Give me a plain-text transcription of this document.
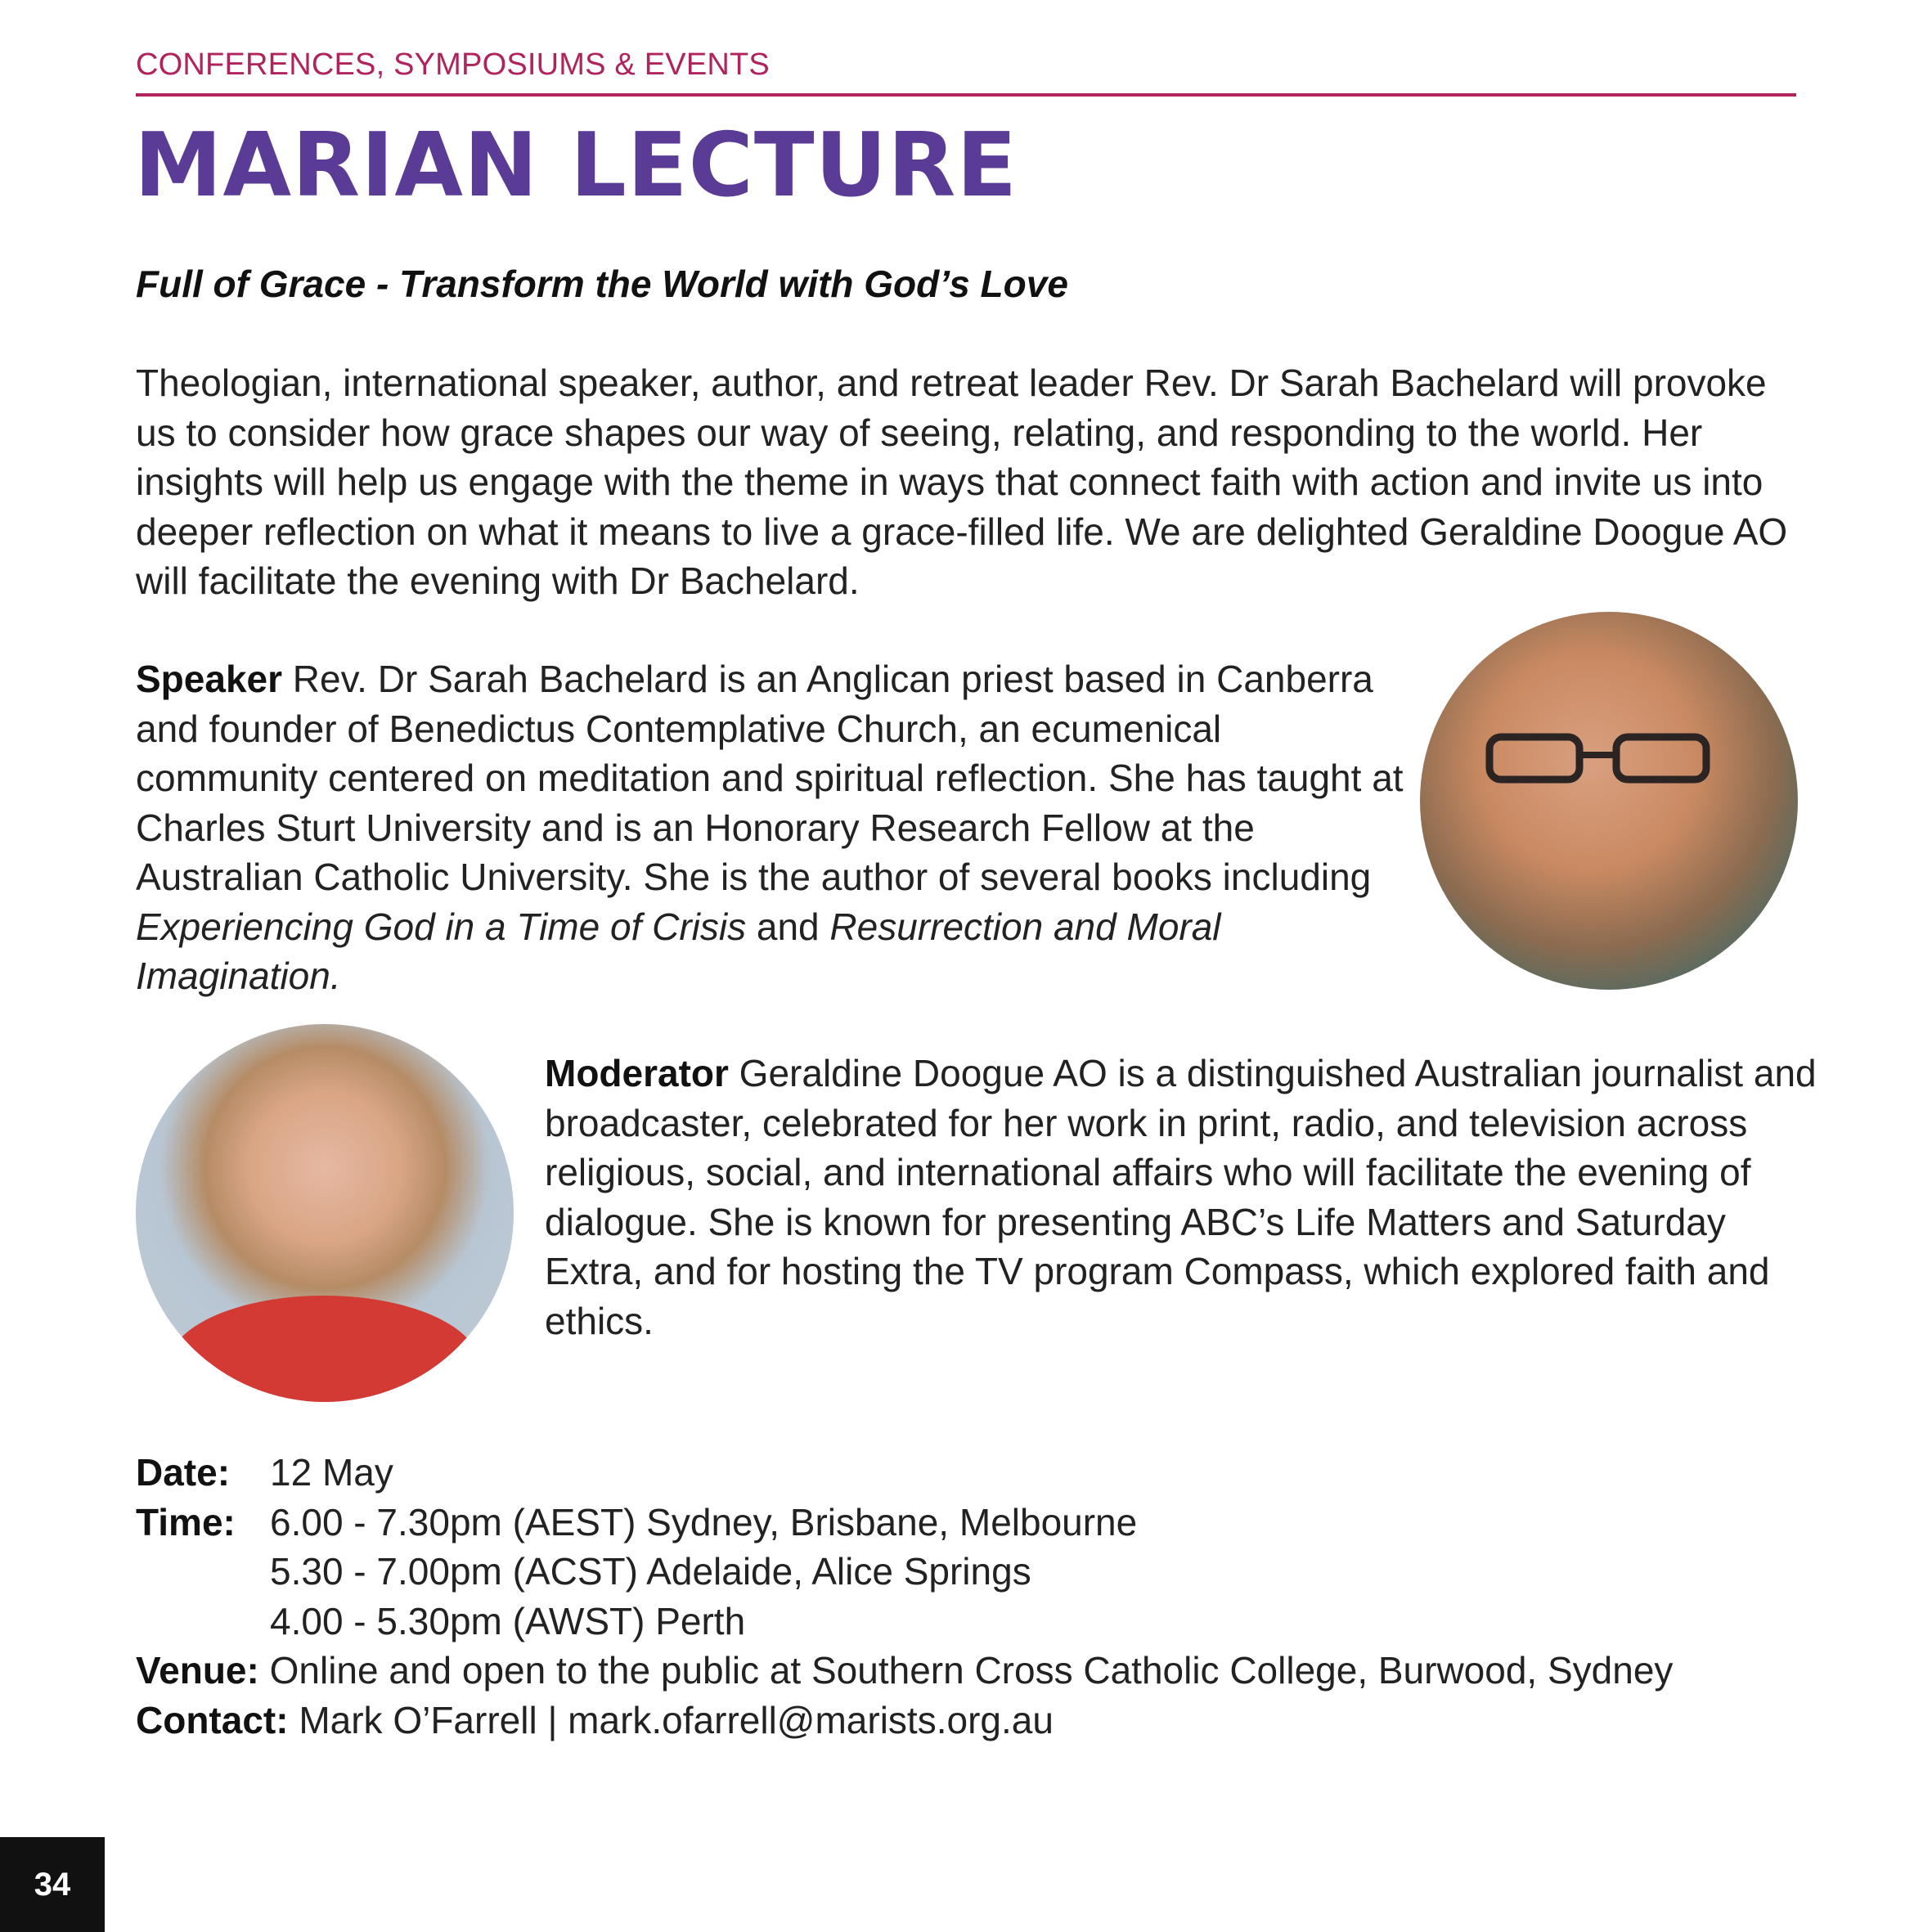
CONFERENCES, SYMPOSIUMS & EVENTS
MARIAN LECTURE
Full of Grace - Transform the World with God’s Love

Theologian, international speaker, author, and retreat leader Rev. Dr Sarah Bachelard will provoke us to consider how grace shapes our way of seeing, relating, and responding to the world. Her insights will help us engage with the theme in ways that connect faith with action and invite us into deeper reflection on what it means to live a grace-filled life. We are delighted Geraldine Doogue AO will facilitate the evening with Dr Bachelard.

Speaker Rev. Dr Sarah Bachelard is an Anglican priest based in Canberra and founder of Benedictus Contemplative Church, an ecumenical community centered on meditation and spiritual reflection. She has taught at Charles Sturt University and is an Honorary Research Fellow at the Australian Catholic University. She is the author of several books including Experiencing God in a Time of Crisis and Resurrection and Moral Imagination.

Moderator Geraldine Doogue AO is a distinguished Australian journalist and broadcaster, celebrated for her work in print, radio, and television across religious, social, and international affairs who will facilitate the evening of dialogue. She is known for presenting ABC’s Life Matters and Saturday Extra, and for hosting the TV program Compass, which explored faith and ethics.

Date:	12 May
Time: 6.00 - 7.30pm (AEST) Sydney, Brisbane, Melbourne
5.30 - 7.00pm (ACST) Adelaide, Alice Springs
4.00 - 5.30pm (AWST) Perth
Venue:
Online and open to the public at Southern Cross Catholic College, Burwood, Sydney
Contact:
Mark O’Farrell | mark.ofarrell@marists.org.au
34
